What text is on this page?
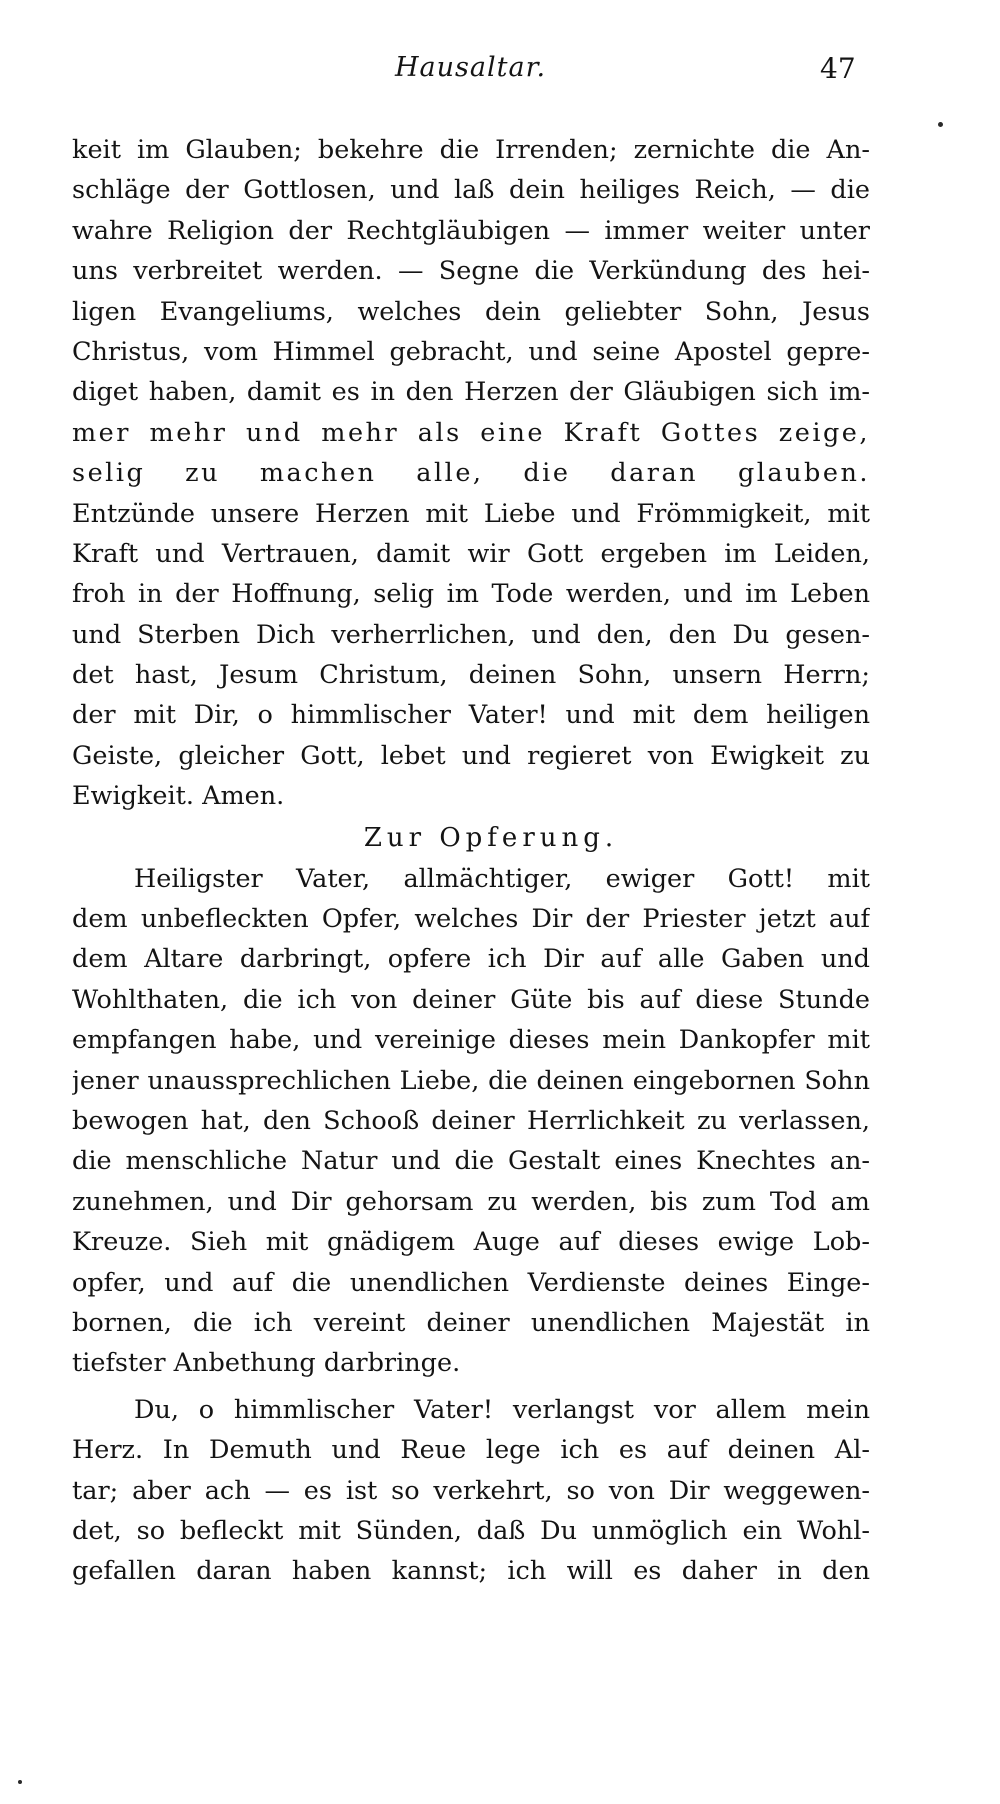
Hausaltar.	47
keit im Glauben; bekehre die Irrenden; zernichte die An-
schläge der Gottlosen, und laß dein heiliges Reich, — die
wahre Religion der Rechtgläubigen — immer weiter unter
uns verbreitet werden. — Segne die Verkündung des hei-
ligen Evangeliums, welches dein geliebter Sohn, Jesus
Christus, vom Himmel gebracht, und seine Apostel gepre-
diget haben, damit es in den Herzen der Gläubigen sich im-
mer mehr und mehr als eine Kraft Gottes zeige,
selig zu machen alle, die daran glauben.
Entzünde unsere Herzen mit Liebe und Frömmigkeit, mit
Kraft und Vertrauen, damit wir Gott ergeben im Leiden,
froh in der Hoffnung, selig im Tode werden, und im Leben
und Sterben Dich verherrlichen, und den, den Du gesen-
det hast, Jesum Christum, deinen Sohn, unsern Herrn;
der mit Dir, o himmlischer Vater! und mit dem heiligen
Geiste, gleicher Gott, lebet und regieret von Ewigkeit zu
Ewigkeit. Amen.
Zur Opferung.
Heiligster Vater, allmächtiger, ewiger Gott! mit
dem unbefleckten Opfer, welches Dir der Priester jetzt auf
dem Altare darbringt, opfere ich Dir auf alle Gaben und
Wohlthaten, die ich von deiner Güte bis auf diese Stunde
empfangen habe, und vereinige dieses mein Dankopfer mit
jener unaussprechlichen Liebe, die deinen eingebornen Sohn
bewogen hat, den Schooß deiner Herrlichkeit zu verlassen,
die menschliche Natur und die Gestalt eines Knechtes an-
zunehmen, und Dir gehorsam zu werden, bis zum Tod am
Kreuze. Sieh mit gnädigem Auge auf dieses ewige Lob-
opfer, und auf die unendlichen Verdienste deines Einge-
bornen, die ich vereint deiner unendlichen Majestät in
tiefster Anbethung darbringe.
Du, o himmlischer Vater! verlangst vor allem mein
Herz. In Demuth und Reue lege ich es auf deinen Al-
tar; aber ach — es ist so verkehrt, so von Dir weggewen-
det, so befleckt mit Sünden, daß Du unmöglich ein Wohl-
gefallen daran haben kannst; ich will es daher in den
